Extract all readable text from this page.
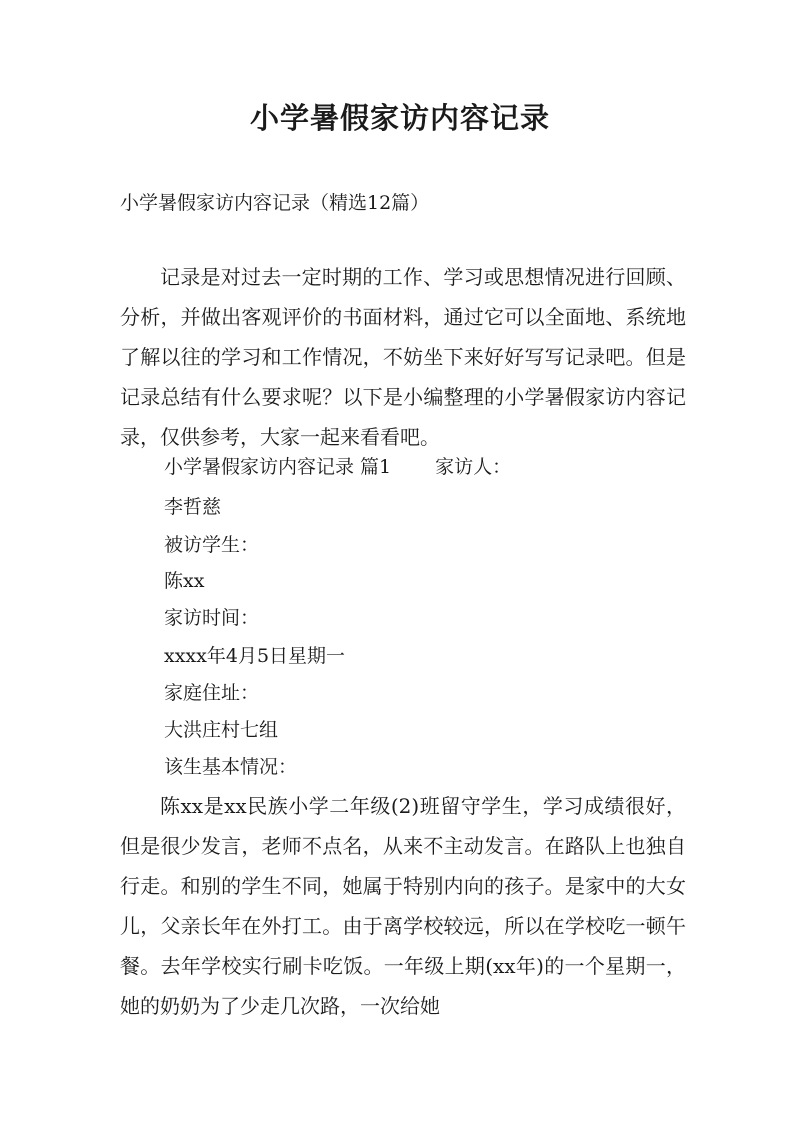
小学暑假家访内容记录
小学暑假家访内容记录（精选12篇）

记录是对过去一定时期的工作、学习或思想情况进行回顾、分析，并做出客观评价的书面材料，通过它可以全面地、系统地了解以往的学习和工作情况，不妨坐下来好好写写记录吧。但是记录总结有什么要求呢？以下是小编整理的小学暑假家访内容记录，仅供参考，大家一起来看看吧。

小学暑假家访内容记录 篇1 家访人：
李哲慈
被访学生：
陈xx
家访时间：
xxxx年4月5日星期一
家庭住址：
大洪庄村七组
该生基本情况：

陈xx是xx民族小学二年级(2)班留守学生，学习成绩很好，但是很少发言，老师不点名，从来不主动发言。在路队上也独自行走。和别的学生不同，她属于特别内向的孩子。是家中的大女儿，父亲长年在外打工。由于离学校较远，所以在学校吃一顿午餐。去年学校实行刷卡吃饭。一年级上期(xx年)的一个星期一，她的奶奶为了少走几次路，一次给她
